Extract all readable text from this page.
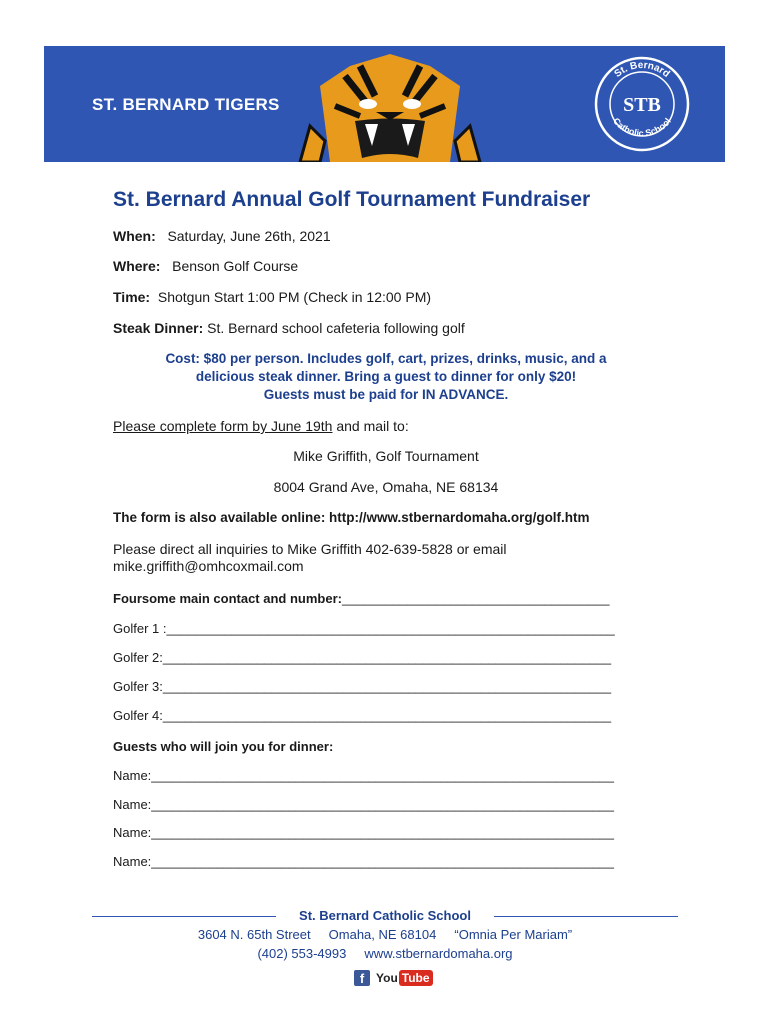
ST. BERNARD TIGERS	STB
St. Bernard
Catholic School
St. Bernard Annual Golf Tournament Fundraiser
When: Saturday, June 26th, 2021
Where: Benson Golf Course
Time: Shotgun Start 1:00 PM (Check in 12:00 PM)
Steak Dinner: St. Bernard school cafeteria following golf
Cost: $80 per person. Includes golf, cart, prizes, drinks, music, and a
delicious steak dinner. Bring a guest to dinner for only $20!
Guests must be paid for IN ADVANCE.
Please complete form by June 19th and mail to:
Mike Griffith, Golf Tournament
8004 Grand Ave, Omaha, NE 68134
The form is also available online: http://www.stbernardomaha.org/golf.htm
Please direct all inquiries to Mike Griffith 402-639-5828 or email
mike.griffith@omhcoxmail.com
Foursome main contact and number:_____________________________________
Golfer 1 :______________________________________________________________
Golfer 2:______________________________________________________________
Golfer 3:______________________________________________________________
Golfer 4:______________________________________________________________
Guests who will join you for dinner:
Name:________________________________________________________________
Name:________________________________________________________________
Name:________________________________________________________________
Name:________________________________________________________________
St. Bernard Catholic School
3604 N. 65th Street     Omaha, NE 68104     “Omnia Per Mariam”
(402) 553-4993     www.stbernardomaha.org
f You Tube
